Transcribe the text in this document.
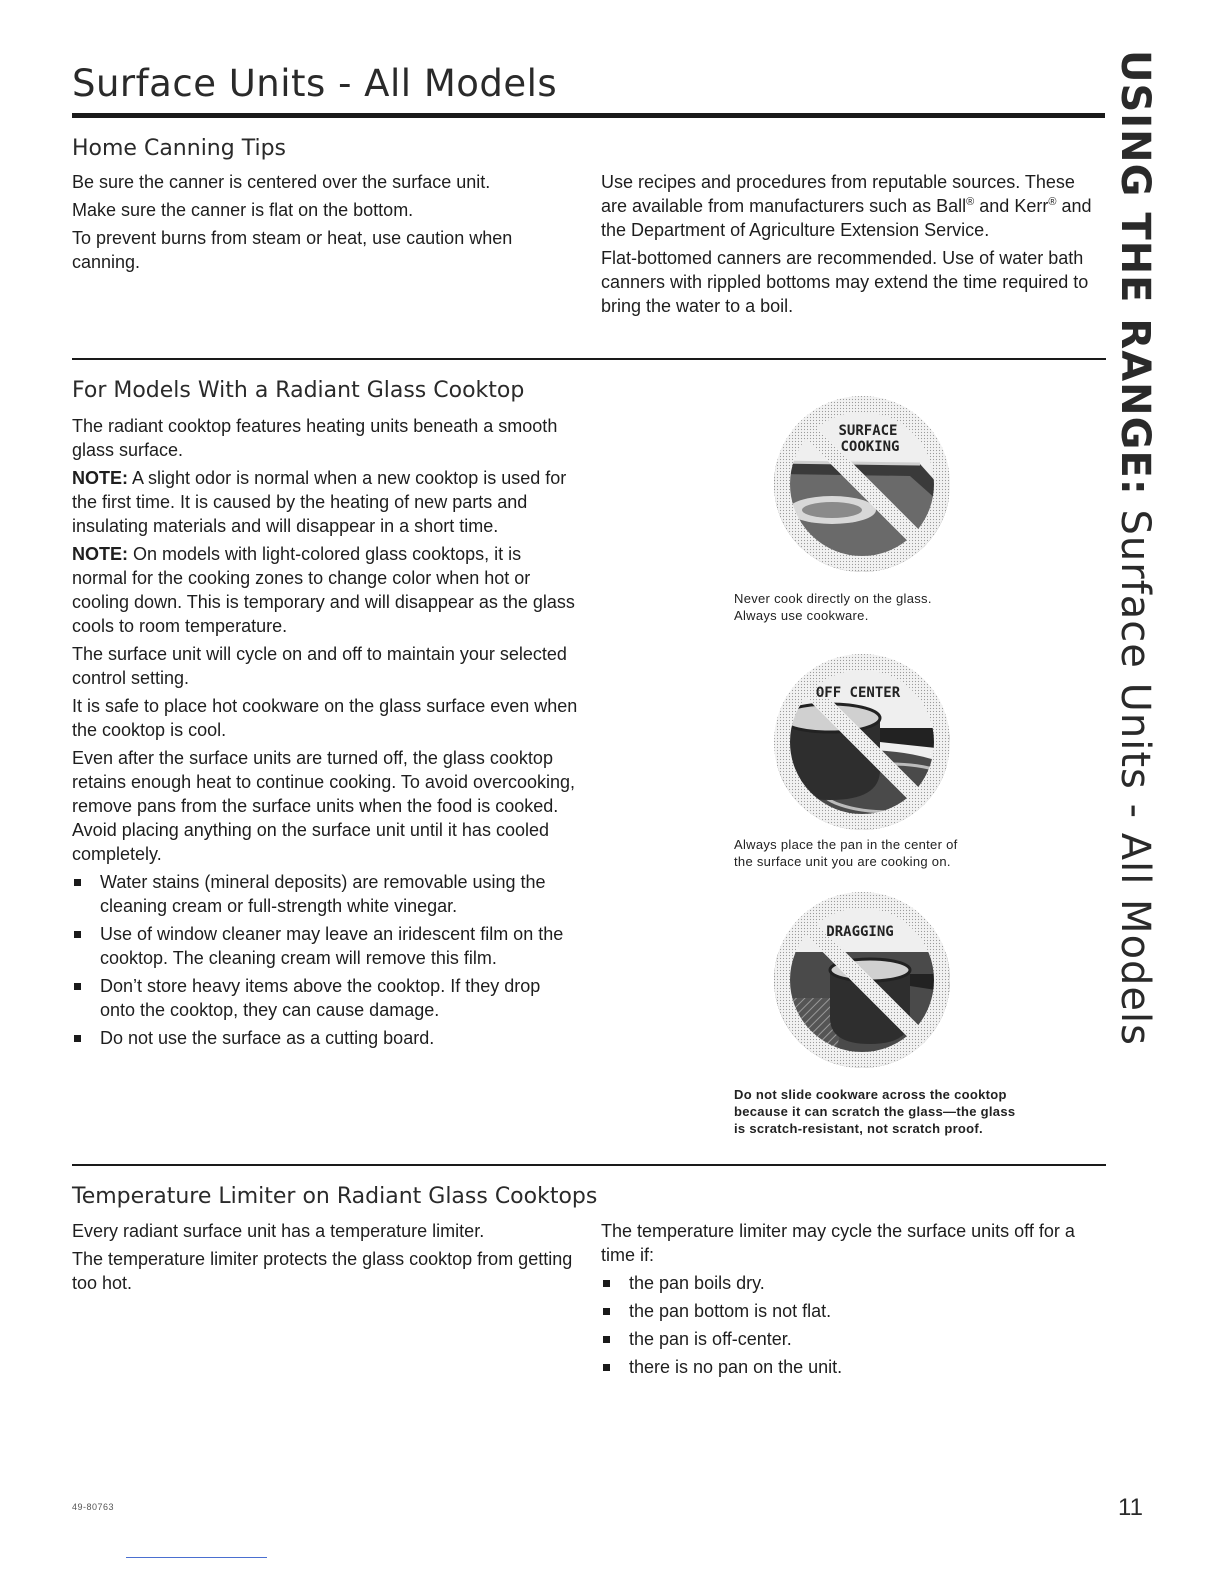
Surface Units - All Models	USING THE RANGE: Surface Units - All Models
Home Canning Tips

Be sure the canner is centered over the surface unit.

Make sure the canner is flat on the bottom.

To prevent burns from steam or heat, use caution when canning.

Use recipes and procedures from reputable sources. These are available from manufacturers such as Ball® and Kerr® and the Department of Agriculture Extension Service.

Flat-bottomed canners are recommended. Use of water bath canners with rippled bottoms may extend the time required to bring the water to a boil.

For Models With a Radiant Glass Cooktop

The radiant cooktop features heating units beneath a smooth glass surface.

NOTE: A slight odor is normal when a new cooktop is used for the first time. It is caused by the heating of new parts and insulating materials and will disappear in a short time.

NOTE: On models with light-colored glass cooktops, it is normal for the cooking zones to change color when hot or cooling down. This is temporary and will disappear as the glass cools to room temperature.

The surface unit will cycle on and off to maintain your selected control setting.

It is safe to place hot cookware on the glass surface even when the cooktop is cool.

Even after the surface units are turned off, the glass cooktop retains enough heat to continue cooking. To avoid overcooking, remove pans from the surface units when the food is cooked. Avoid placing anything on the surface unit until it has cooled completely.

Water stains (mineral deposits) are removable using the cleaning cream or full-strength white vinegar.
Use of window cleaner may leave an iridescent film on the cooktop. The cleaning cream will remove this film.
Don’t store heavy items above the cooktop. If they drop onto the cooktop, they can cause damage.
Do not use the surface as a cutting board.
SURFACE
COOKING

Never cook directly on the glass.

Always use cookware.

OFF CENTER

Always place the pan in the center of

the surface unit you are cooking on.

DRAGGING

Do not slide cookware across the cooktop

because it can scratch the glass—the glass

is scratch-resistant, not scratch proof.

Temperature Limiter on Radiant Glass Cooktops

Every radiant surface unit has a temperature limiter.

The temperature limiter protects the glass cooktop from getting too hot.

The temperature limiter may cycle the surface units off for a time if:

the pan boils dry.
the pan bottom is not flat.
the pan is off-center.
there is no pan on the unit.
49-80763	11
